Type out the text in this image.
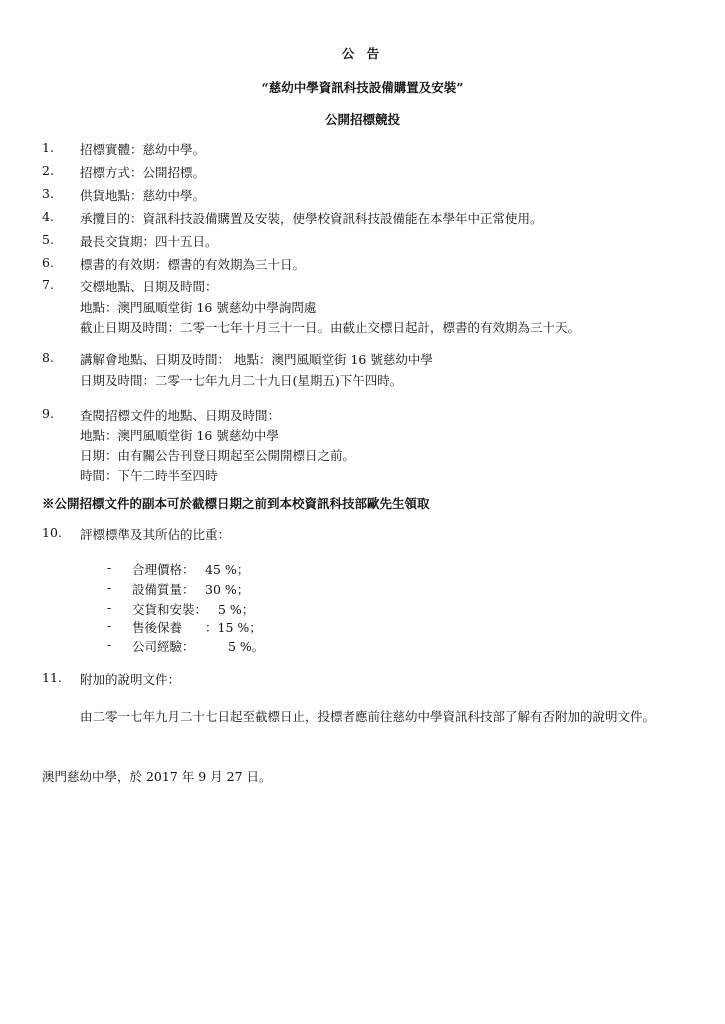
公 告
“慈幼中學資訊科技設備購置及安裝”
公開招標競投
1. 招標實體：慈幼中學。
2. 招標方式：公開招標。
3. 供貨地點：慈幼中學。
4. 承攬目的：資訊科技設備購置及安裝，使學校資訊科技設備能在本學年中正常使用。
5. 最長交貨期：四十五日。
6. 標書的有效期：標書的有效期為三十日。
7. 交標地點、日期及時間：
地點：澳門風順堂街 16 號慈幼中學詢問處
截止日期及時間：二零一七年十月三十一日。由截止交標日起計，標書的有效期為三十天。
8. 講解會地點、日期及時間： 地點：澳門風順堂街 16 號慈幼中學
日期及時間：二零一七年九月二十九日(星期五)下午四時。
9. 查閱招標文件的地點、日期及時間：
地點：澳門風順堂街 16 號慈幼中學
日期：由有關公告刊登日期起至公開開標日之前。
時間：下午二時半至四時
※公開招標文件的副本可於截標日期之前到本校資訊科技部歐先生領取
10. 評標標準及其所佔的比重：
- 合理價格： 45 %；
- 設備質量： 30 %；
- 交貨和安裝： 5 %；
- 售後保養 ：15 %；
- 公司經驗：	5 %。
11. 附加的說明文件：
由二零一七年九月二十七日起至截標日止，投標者應前往慈幼中學資訊科技部了解有否附加的說明文件。
澳門慈幼中學，於 2017 年 9 月 27 日。
